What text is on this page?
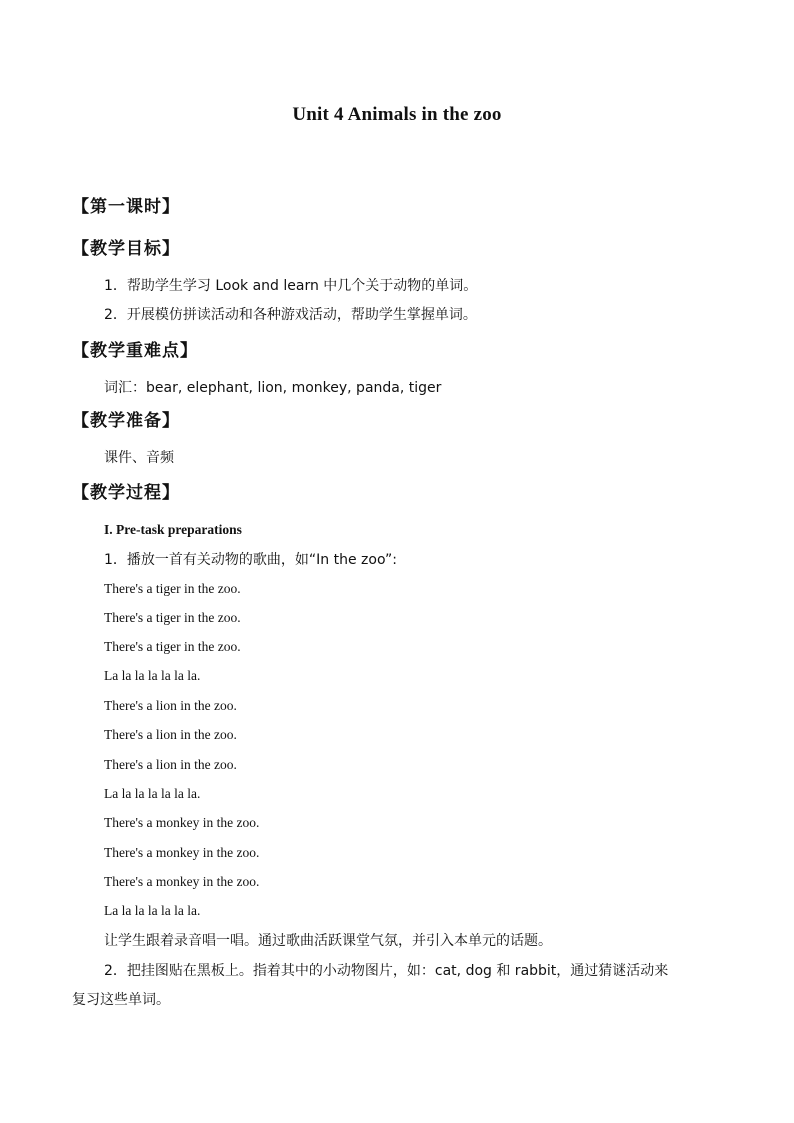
Unit 4 Animals in the zoo
【第一课时】
【教学目标】
1．帮助学生学习 Look and learn 中几个关于动物的单词。
2．开展模仿拼读活动和各种游戏活动，帮助学生掌握单词。
【教学重难点】
词汇：bear, elephant, lion, monkey, panda, tiger
【教学准备】
课件、音频
【教学过程】
I. Pre-task preparations
1．播放一首有关动物的歌曲，如“In the zoo”:
There's a tiger in the zoo.
There's a tiger in the zoo.
There's a tiger in the zoo.
La la la la la la la.
There's a lion in the zoo.
There's a lion in the zoo.
There's a lion in the zoo.
La la la la la la la.
There's a monkey in the zoo.
There's a monkey in the zoo.
There's a monkey in the zoo.
La la la la la la la.
让学生跟着录音唱一唱。通过歌曲活跃课堂气氛，并引入本单元的话题。
2．把挂图贴在黑板上。指着其中的小动物图片，如：cat, dog 和 rabbit，通过猜谜活动来
复习这些单词。
